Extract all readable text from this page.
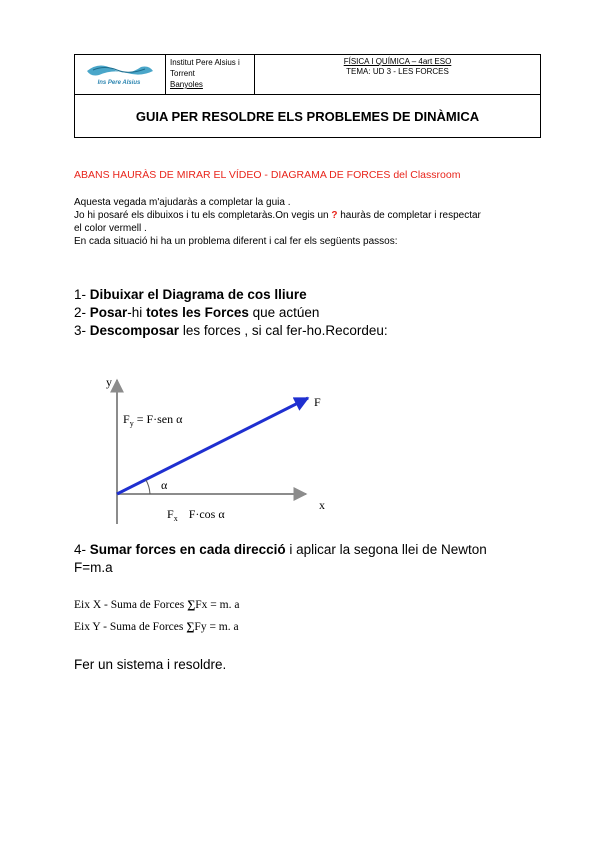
Ins Pere Alsius

Institut Pere Alsius i Torrent
Banyoles

FÍSICA I QUÍMICA – 4art ESO
TEMA: UD 3 - LES FORCES

GUIA PER RESOLDRE ELS PROBLEMES DE DINÀMICA
ABANS HAURÀS DE MIRAR EL VÍDEO - DIAGRAMA DE FORCES del Classroom
Aquesta vegada m'ajudaràs a completar la guia .
Jo hi posaré els dibuixos i tu els completaràs.On vegis un ? hauràs de completar i respectar
el color vermell .
En cada situació hi ha un problema diferent i cal fer els següents passos:
1- Dibuixar el Diagrama de cos lliure
2- Posar-hi totes les Forces que actúen
3- Descomposar les forces , si cal fer-ho.Recordeu:
y
x
F
α
$F_y = F\cdot sen$ α
$F_x$ F·cos α
4- Sumar forces en cada direcció i aplicar la segona llei de Newton
F=m.a
Eix X - Suma de Forces ∑Fx = m. a
Eix Y - Suma de Forces ∑Fy = m. a
Fer un sistema i resoldre.
